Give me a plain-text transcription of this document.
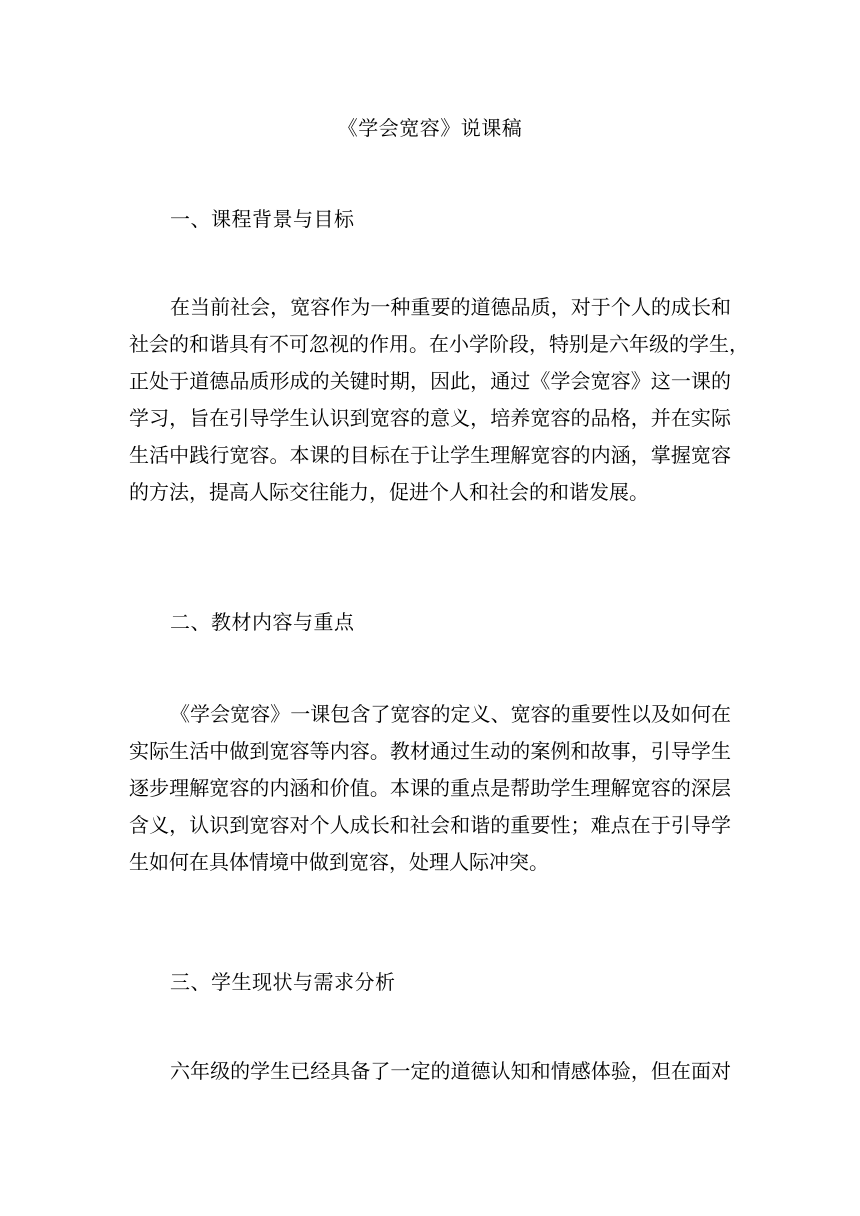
《学会宽容》说课稿
一、课程背景与目标
在当前社会，宽容作为一种重要的道德品质，对于个人的成长和
社会的和谐具有不可忽视的作用。在小学阶段，特别是六年级的学生，
正处于道德品质形成的关键时期，因此，通过《学会宽容》这一课的
学习，旨在引导学生认识到宽容的意义，培养宽容的品格，并在实际
生活中践行宽容。本课的目标在于让学生理解宽容的内涵，掌握宽容
的方法，提高人际交往能力，促进个人和社会的和谐发展。
二、教材内容与重点
《学会宽容》一课包含了宽容的定义、宽容的重要性以及如何在
实际生活中做到宽容等内容。教材通过生动的案例和故事，引导学生
逐步理解宽容的内涵和价值。本课的重点是帮助学生理解宽容的深层
含义，认识到宽容对个人成长和社会和谐的重要性；难点在于引导学
生如何在具体情境中做到宽容，处理人际冲突。
三、学生现状与需求分析
六年级的学生已经具备了一定的道德认知和情感体验，但在面对
